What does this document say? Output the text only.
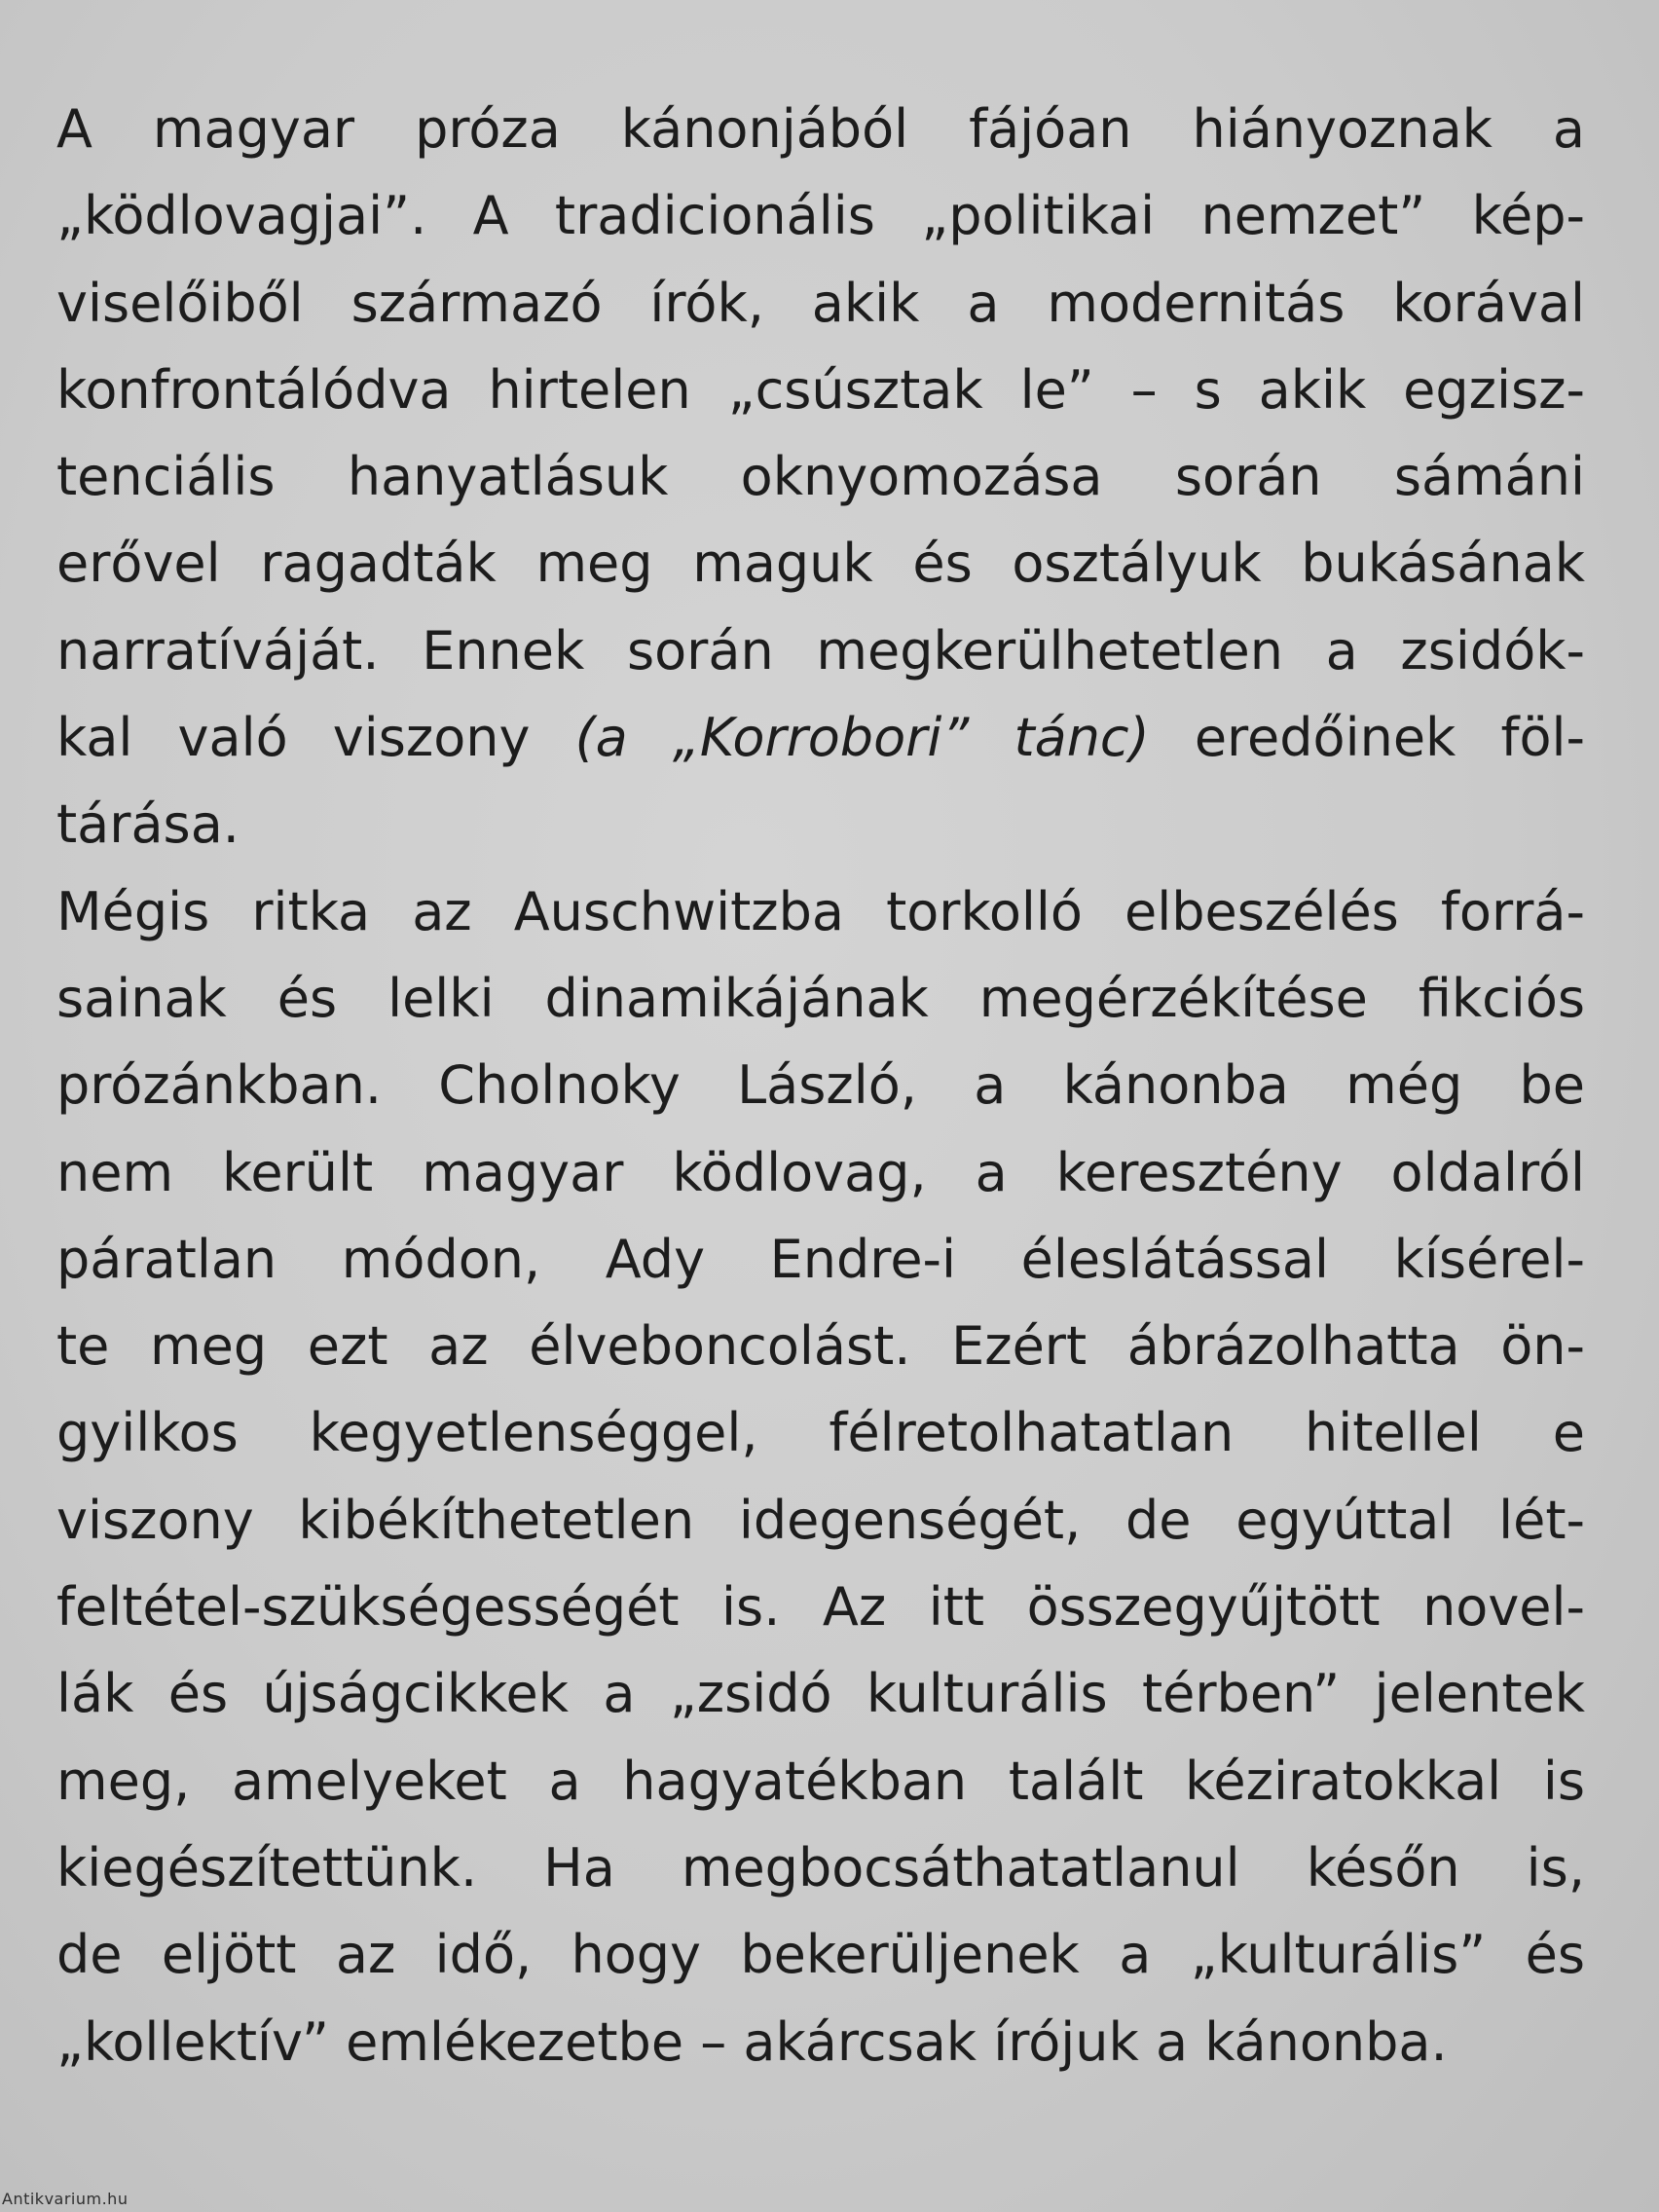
A magyar próza kánonjából fájóan hiányoznak a
„ködlovagjai”. A tradicionális „politikai nemzet” kép-
viselőiből származó írók, akik a modernitás korával
konfrontálódva hirtelen „csúsztak le” – s akik egzisz-
tenciális hanyatlásuk oknyomozása során sámáni
erővel ragadták meg maguk és osztályuk bukásának
narratíváját. Ennek során megkerülhetetlen a zsidók-
kal való viszony (a „Korrobori” tánc) eredőinek föl-
tárása.
Mégis ritka az Auschwitzba torkolló elbeszélés forrá-
sainak és lelki dinamikájának megérzékítése fikciós
prózánkban. Cholnoky László, a kánonba még be
nem került magyar ködlovag, a keresztény oldalról
páratlan módon, Ady Endre-i éleslátással kísérel-
te meg ezt az élveboncolást. Ezért ábrázolhatta ön-
gyilkos kegyetlenséggel, félretolhatatlan hitellel e
viszony kibékíthetetlen idegenségét, de egyúttal lét-
feltétel-szükségességét is. Az itt összegyűjtött novel-
lák és újságcikkek a „zsidó kulturális térben” jelentek
meg, amelyeket a hagyatékban talált kéziratokkal is
kiegészítettünk. Ha megbocsáthatatlanul későn is,
de eljött az idő, hogy bekerüljenek a „kulturális” és
„kollektív” emlékezetbe – akárcsak írójuk a kánonba.
Antikvarium.hu
